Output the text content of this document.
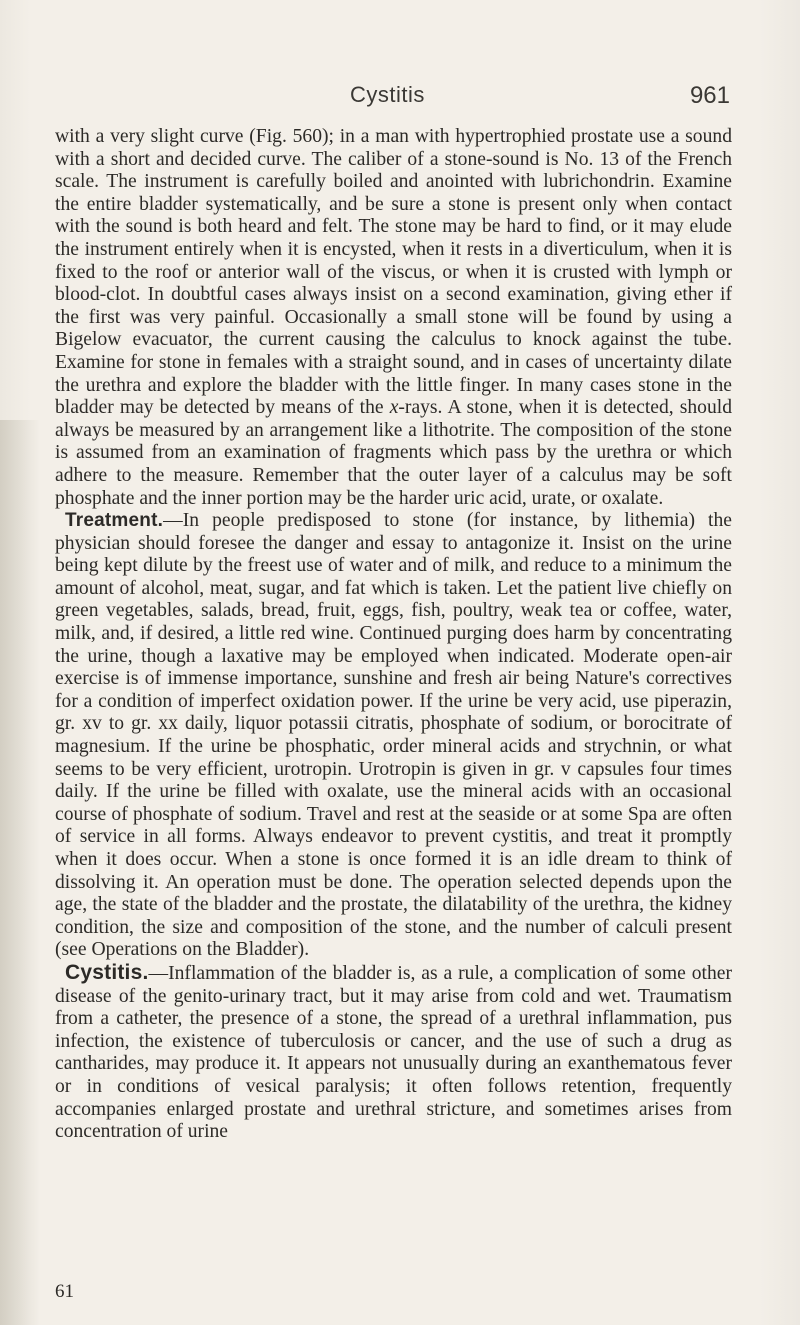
Cystitis	961

with a very slight curve (Fig. 560); in a man with hypertrophied prostate use a sound with a short and decided curve. The caliber of a stone-sound is No. 13 of the French scale. The instrument is carefully boiled and anointed with lubrichondrin. Examine the entire bladder systematically, and be sure a stone is present only when contact with the sound is both heard and felt. The stone may be hard to find, or it may elude the instrument entirely when it is encysted, when it rests in a diverticulum, when it is fixed to the roof or anterior wall of the viscus, or when it is crusted with lymph or blood-clot. In doubtful cases always insist on a second examination, giving ether if the first was very painful. Occasionally a small stone will be found by using a Bigelow evacuator, the current causing the calculus to knock against the tube. Examine for stone in females with a straight sound, and in cases of uncertainty dilate the urethra and explore the bladder with the little finger. In many cases stone in the bladder may be detected by means of the x-rays. A stone, when it is detected, should always be measured by an arrangement like a lithotrite. The composition of the stone is assumed from an examination of fragments which pass by the urethra or which adhere to the measure. Remember that the outer layer of a calculus may be soft phosphate and the inner portion may be the harder uric acid, urate, or oxalate.

Treatment.—In people predisposed to stone (for instance, by lithemia) the physician should foresee the danger and essay to antagonize it. Insist on the urine being kept dilute by the freest use of water and of milk, and reduce to a minimum the amount of alcohol, meat, sugar, and fat which is taken. Let the patient live chiefly on green vegetables, salads, bread, fruit, eggs, fish, poultry, weak tea or coffee, water, milk, and, if desired, a little red wine. Continued purging does harm by concentrating the urine, though a laxative may be employed when indicated. Moderate open-air exercise is of immense importance, sunshine and fresh air being Nature's correctives for a condition of imperfect oxidation power. If the urine be very acid, use piperazin, gr. xv to gr. xx daily, liquor potassii citratis, phosphate of sodium, or borocitrate of magnesium. If the urine be phosphatic, order mineral acids and strychnin, or what seems to be very efficient, urotropin. Urotropin is given in gr. v capsules four times daily. If the urine be filled with oxalate, use the mineral acids with an occasional course of phosphate of sodium. Travel and rest at the seaside or at some Spa are often of service in all forms. Always endeavor to prevent cystitis, and treat it promptly when it does occur. When a stone is once formed it is an idle dream to think of dissolving it. An operation must be done. The operation selected depends upon the age, the state of the bladder and the prostate, the dilatability of the urethra, the kidney condition, the size and composition of the stone, and the number of calculi present (see Operations on the Bladder).

Cystitis.—Inflammation of the bladder is, as a rule, a complication of some other disease of the genito-urinary tract, but it may arise from cold and wet. Traumatism from a catheter, the presence of a stone, the spread of a urethral inflammation, pus infection, the existence of tuberculosis or cancer, and the use of such a drug as cantharides, may produce it. It appears not unusually during an exanthematous fever or in conditions of vesical paralysis; it often follows retention, frequently accompanies enlarged prostate and urethral stricture, and sometimes arises from concentration of urine

61
